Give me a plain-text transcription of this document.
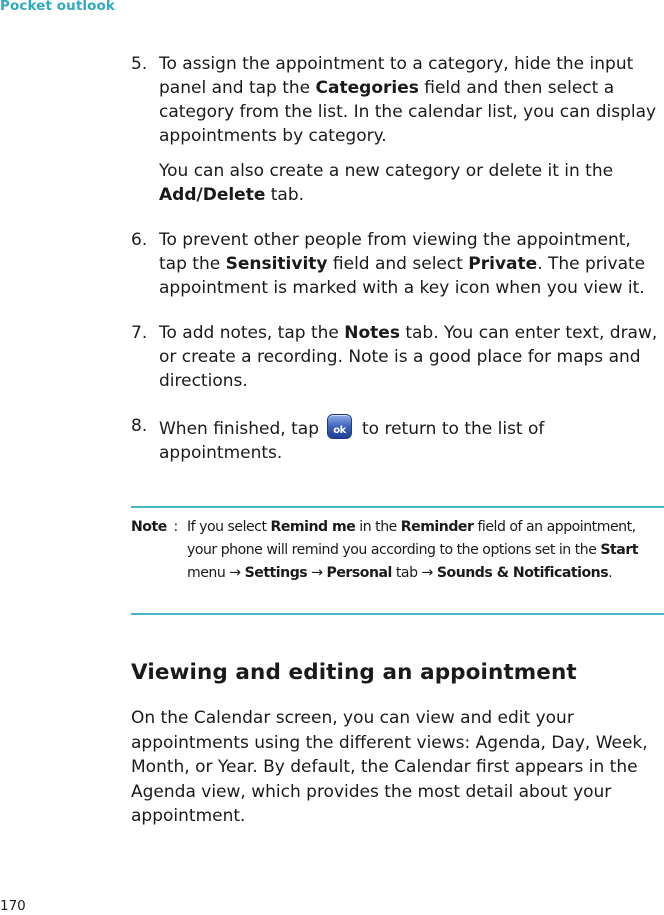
Pocket outlook
5. To assign the appointment to a category, hide the input panel and tap the Categories field and then select a category from the list. In the calendar list, you can display appointments by category.

You can also create a new category or delete it in the Add/Delete tab.

6. To prevent other people from viewing the appointment, tap the Sensitivity field and select Private. The private appointment is marked with a key icon when you view it.

7. To add notes, tap the Notes tab. You can enter text, draw, or create a recording. Note is a good place for maps and directions.

8. When finished, tap	ok to return to the list of appointments.

Note : If you select Remind me in the Reminder field of an appointment, your phone will remind you according to the options set in the Start menu → Settings → Personal tab → Sounds & Notifications.
Viewing and editing an appointment

On the Calendar screen, you can view and edit your appointments using the different views: Agenda, Day, Week, Month, or Year. By default, the Calendar first appears in the Agenda view, which provides the most detail about your appointment.

170
